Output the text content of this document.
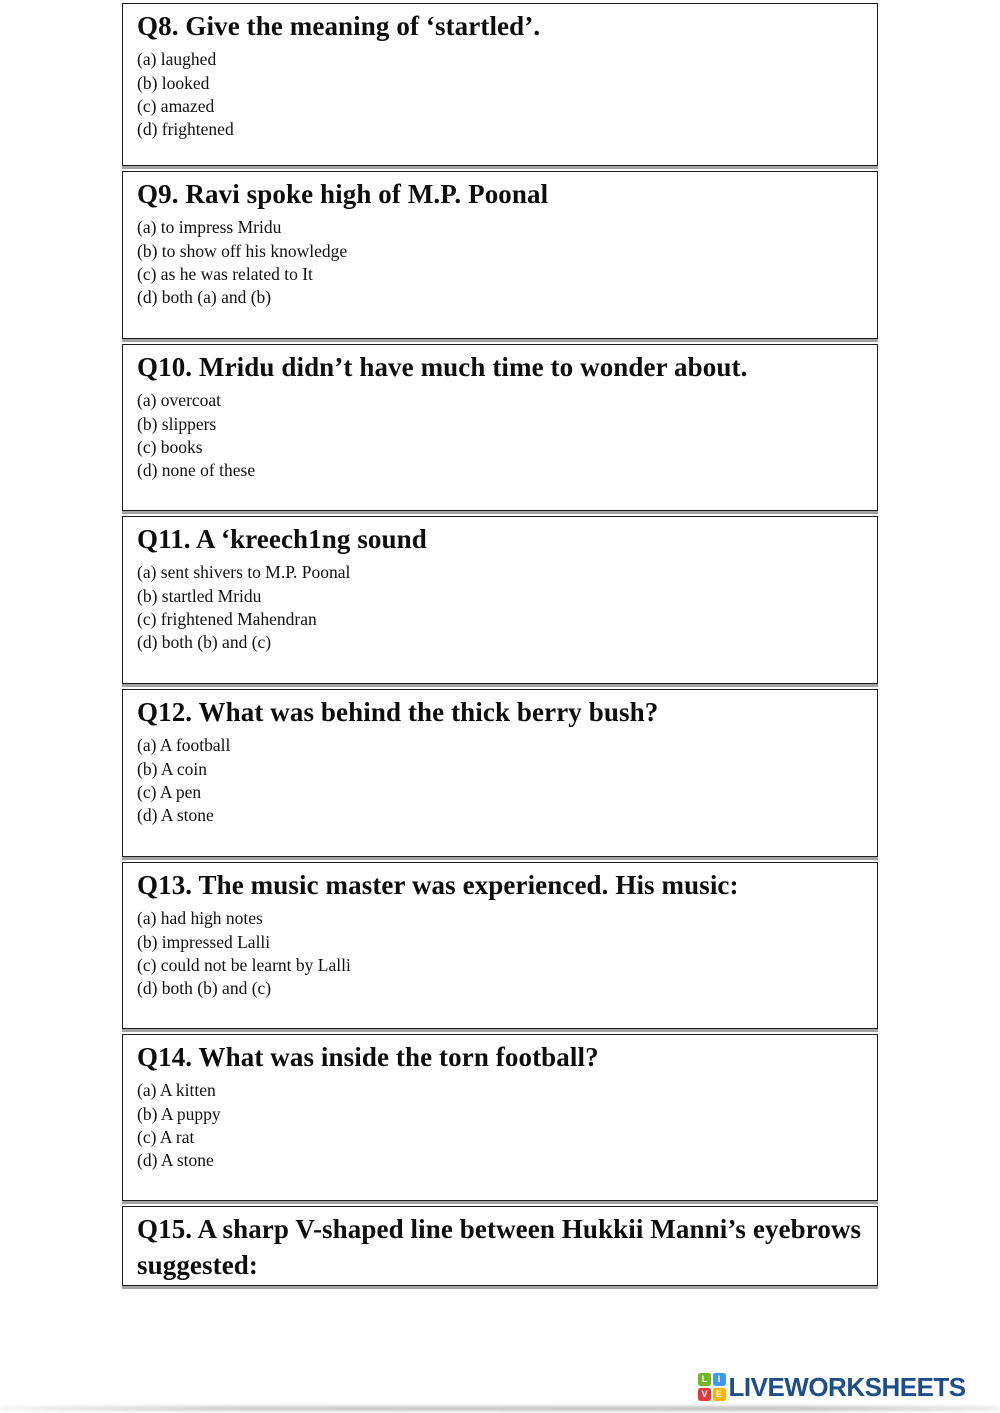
Q8. Give the meaning of ‘startled’.

(a) laughed

(b) looked

(c) amazed

(d) frightened

Q9. Ravi spoke high of M.P. Poonal

(a) to impress Mridu

(b) to show off his knowledge

(c) as he was related to It

(d) both (a) and (b)

Q10. Mridu didn’t have much time to wonder about.

(a) overcoat

(b) slippers

(c) books

(d) none of these

Q11. A ‘kreech1ng sound

(a) sent shivers to M.P. Poonal

(b) startled Mridu

(c) frightened Mahendran

(d) both (b) and (c)

Q12. What was behind the thick berry bush?

(a) A football

(b) A coin

(c) A pen

(d) A stone

Q13. The music master was experienced. His music:

(a) had high notes

(b) impressed Lalli

(c) could not be learnt by Lalli

(d) both (b) and (c)

Q14. What was inside the torn football?

(a) A kitten

(b) A puppy

(c) A rat

(d) A stone

Q15. A sharp V-shaped line between Hukkii Manni’s eyebrows suggested:
L	I
V E LIVEWORKSHEETS
